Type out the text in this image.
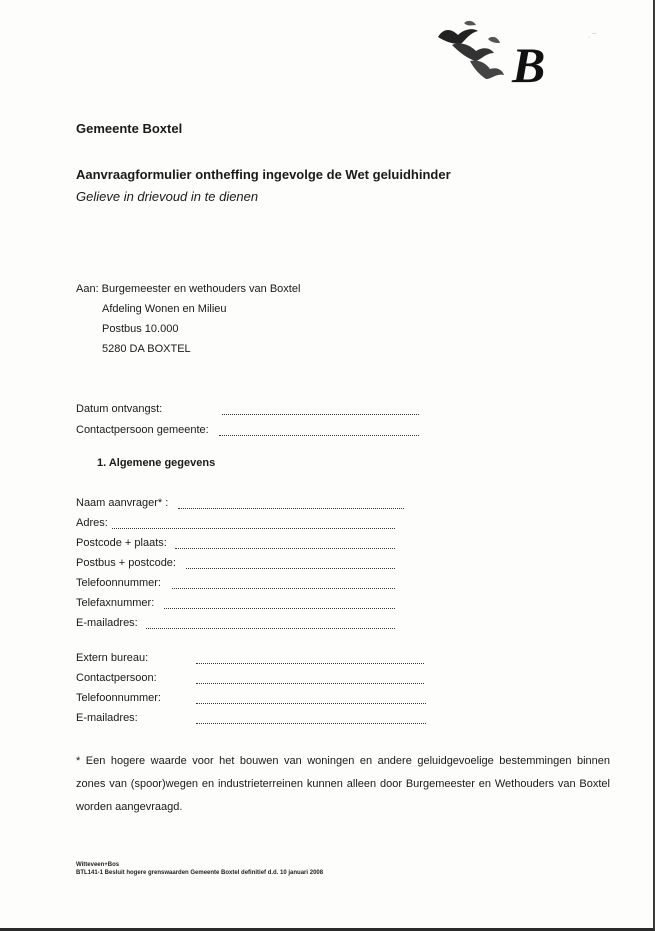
B	· ¯
Gemeente Boxtel
Aanvraagformulier ontheffing ingevolge de Wet geluidhinder
Gelieve in drievoud in te dienen
Aan: Burgemeester en wethouders van Boxtel
Afdeling Wonen en Milieu
Postbus 10.000
5280 DA BOXTEL
Datum ontvangst:
Contactpersoon gemeente:
1. Algemene gegevens
Naam aanvrager* :
Adres:
Postcode + plaats:
Postbus + postcode:
Telefoonnummer:
Telefaxnummer:
E-mailadres:
Extern bureau:
Contactpersoon:
Telefoonnummer:
E-mailadres:
* Een hogere waarde voor het bouwen van woningen en andere geluidgevoelige bestemmingen binnen zones van (spoor)wegen en industrieterreinen kunnen alleen door Burgemeester en Wethouders van Boxtel worden aangevraagd.
Witteveen+Bos
BTL141-1 Besluit hogere grenswaarden Gemeente Boxtel definitief d.d. 10 januari 2008
